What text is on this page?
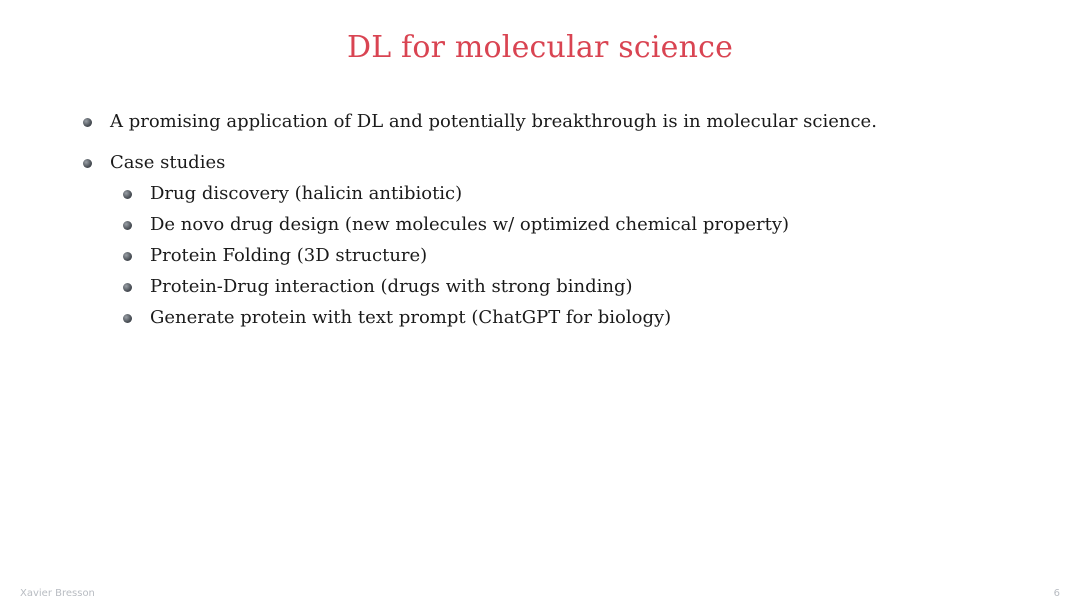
DL for molecular science
A promising application of DL and potentially breakthrough is in molecular science.
Case studies
Drug discovery (halicin antibiotic)
De novo drug design (new molecules w/ optimized chemical property)
Protein Folding (3D structure)
Protein-Drug interaction (drugs with strong binding)
Generate protein with text prompt (ChatGPT for biology)
Xavier Bresson	6
